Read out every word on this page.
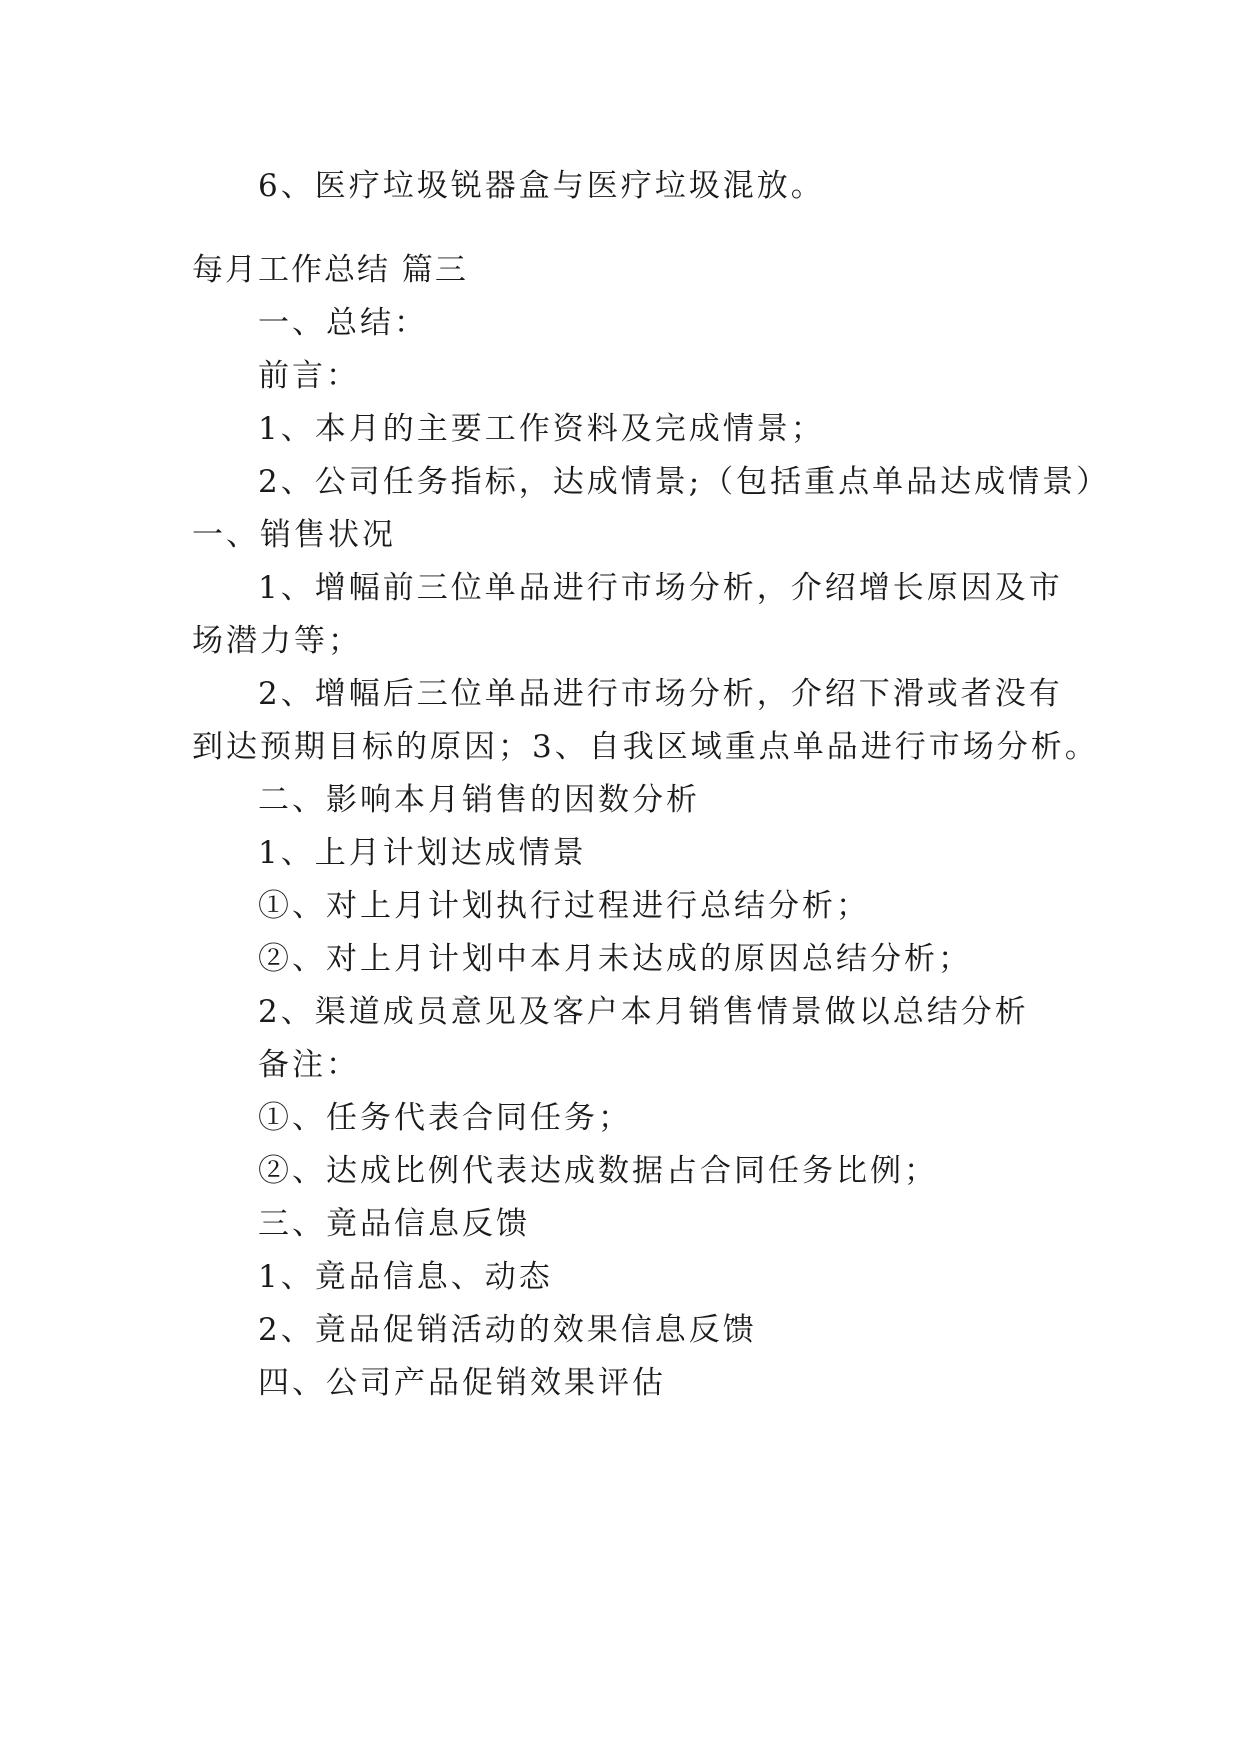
6、医疗垃圾锐器盒与医疗垃圾混放。
每月工作总结 篇三
一、总结：
前言：
1、本月的主要工作资料及完成情景；
2、公司任务指标，达成情景;（包括重点单品达成情景）
一、销售状况
1、增幅前三位单品进行市场分析，介绍增长原因及市
场潜力等；
2、增幅后三位单品进行市场分析，介绍下滑或者没有
到达预期目标的原因；3、自我区域重点单品进行市场分析。
二、影响本月销售的因数分析
1、上月计划达成情景
①、对上月计划执行过程进行总结分析；
②、对上月计划中本月未达成的原因总结分析；
2、渠道成员意见及客户本月销售情景做以总结分析
备注：
①、任务代表合同任务；
②、达成比例代表达成数据占合同任务比例；
三、竟品信息反馈
1、竟品信息、动态
2、竟品促销活动的效果信息反馈
四、公司产品促销效果评估
